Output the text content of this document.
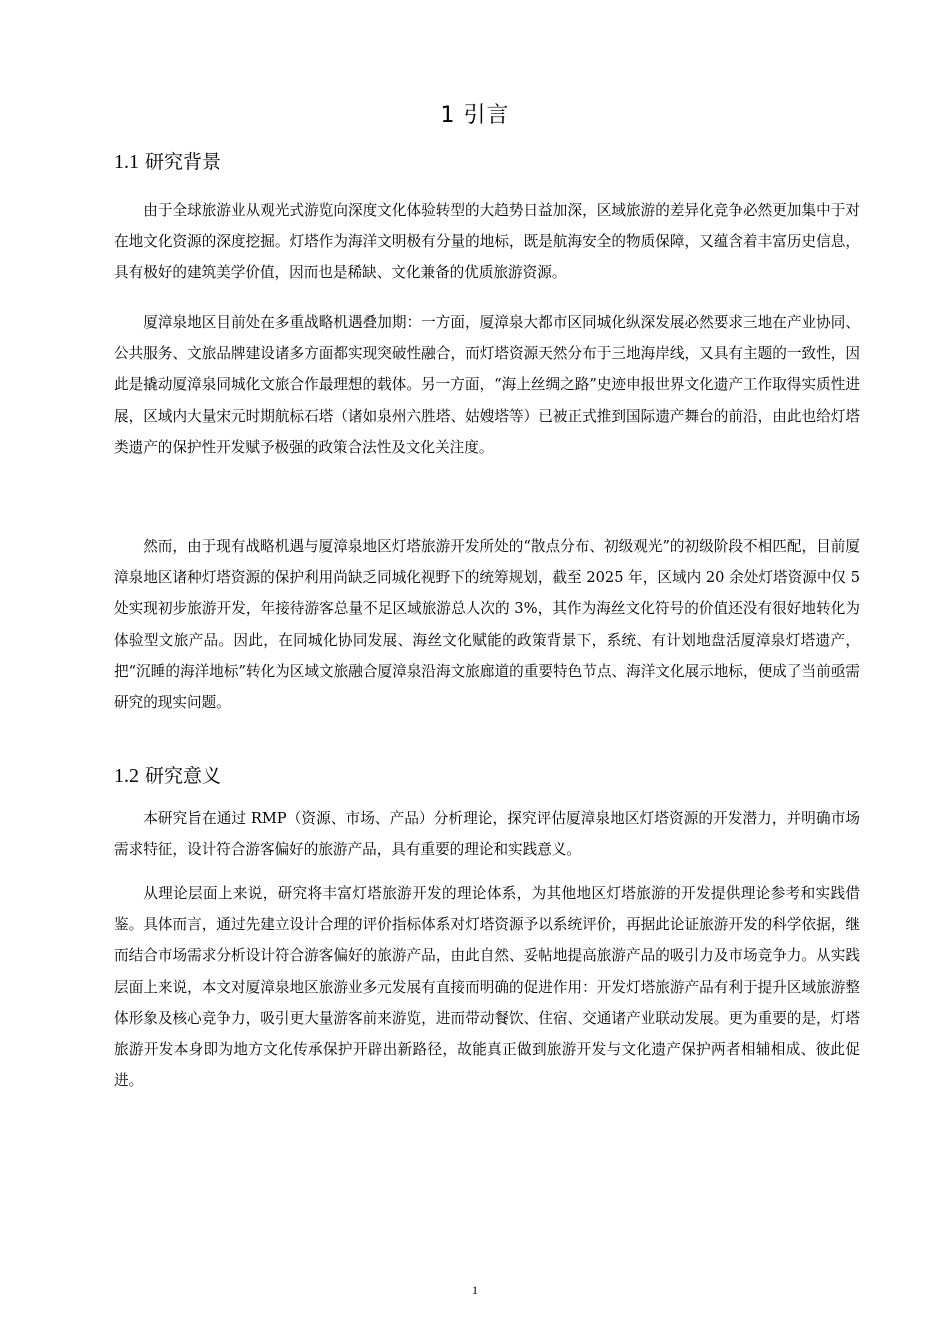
1 引言
1.1 研究背景

由于全球旅游业从观光式游览向深度文化体验转型的大趋势日益加深，区域旅游的差异化竞争必然更加集中于对在地文化资源的深度挖掘。灯塔作为海洋文明极有分量的地标，既是航海安全的物质保障，又蕴含着丰富历史信息，具有极好的建筑美学价值，因而也是稀缺、文化兼备的优质旅游资源。

厦漳泉地区目前处在多重战略机遇叠加期：一方面，厦漳泉大都市区同城化纵深发展必然要求三地在产业协同、公共服务、文旅品牌建设诸多方面都实现突破性融合，而灯塔资源天然分布于三地海岸线，又具有主题的一致性，因此是撬动厦漳泉同城化文旅合作最理想的载体。另一方面，“海上丝绸之路”史迹申报世界文化遗产工作取得实质性进展，区域内大量宋元时期航标石塔（诸如泉州六胜塔、姑嫂塔等）已被正式推到国际遗产舞台的前沿，由此也给灯塔类遗产的保护性开发赋予极强的政策合法性及文化关注度。

然而，由于现有战略机遇与厦漳泉地区灯塔旅游开发所处的“散点分布、初级观光”的初级阶段不相匹配，目前厦漳泉地区诸种灯塔资源的保护利用尚缺乏同城化视野下的统筹规划，截至 2025 年，区域内 20 余处灯塔资源中仅 5 处实现初步旅游开发，年接待游客总量不足区域旅游总人次的 3%，其作为海丝文化符号的价值还没有很好地转化为体验型文旅产品。因此，在同城化协同发展、海丝文化赋能的政策背景下，系统、有计划地盘活厦漳泉灯塔遗产，把“沉睡的海洋地标”转化为区域文旅融合厦漳泉沿海文旅廊道的重要特色节点、海洋文化展示地标，便成了当前亟需研究的现实问题。

1.2 研究意义

本研究旨在通过 RMP（资源、市场、产品）分析理论，探究评估厦漳泉地区灯塔资源的开发潜力，并明确市场需求特征，设计符合游客偏好的旅游产品，具有重要的理论和实践意义。

从理论层面上来说，研究将丰富灯塔旅游开发的理论体系，为其他地区灯塔旅游的开发提供理论参考和实践借鉴。具体而言，通过先建立设计合理的评价指标体系对灯塔资源予以系统评价，再据此论证旅游开发的科学依据，继而结合市场需求分析设计符合游客偏好的旅游产品，由此自然、妥帖地提高旅游产品的吸引力及市场竞争力。从实践层面上来说，本文对厦漳泉地区旅游业多元发展有直接而明确的促进作用：开发灯塔旅游产品有利于提升区域旅游整体形象及核心竞争力，吸引更大量游客前来游览，进而带动餐饮、住宿、交通诸产业联动发展。更为重要的是，灯塔旅游开发本身即为地方文化传承保护开辟出新路径，故能真正做到旅游开发与文化遗产保护两者相辅相成、彼此促进。

1
